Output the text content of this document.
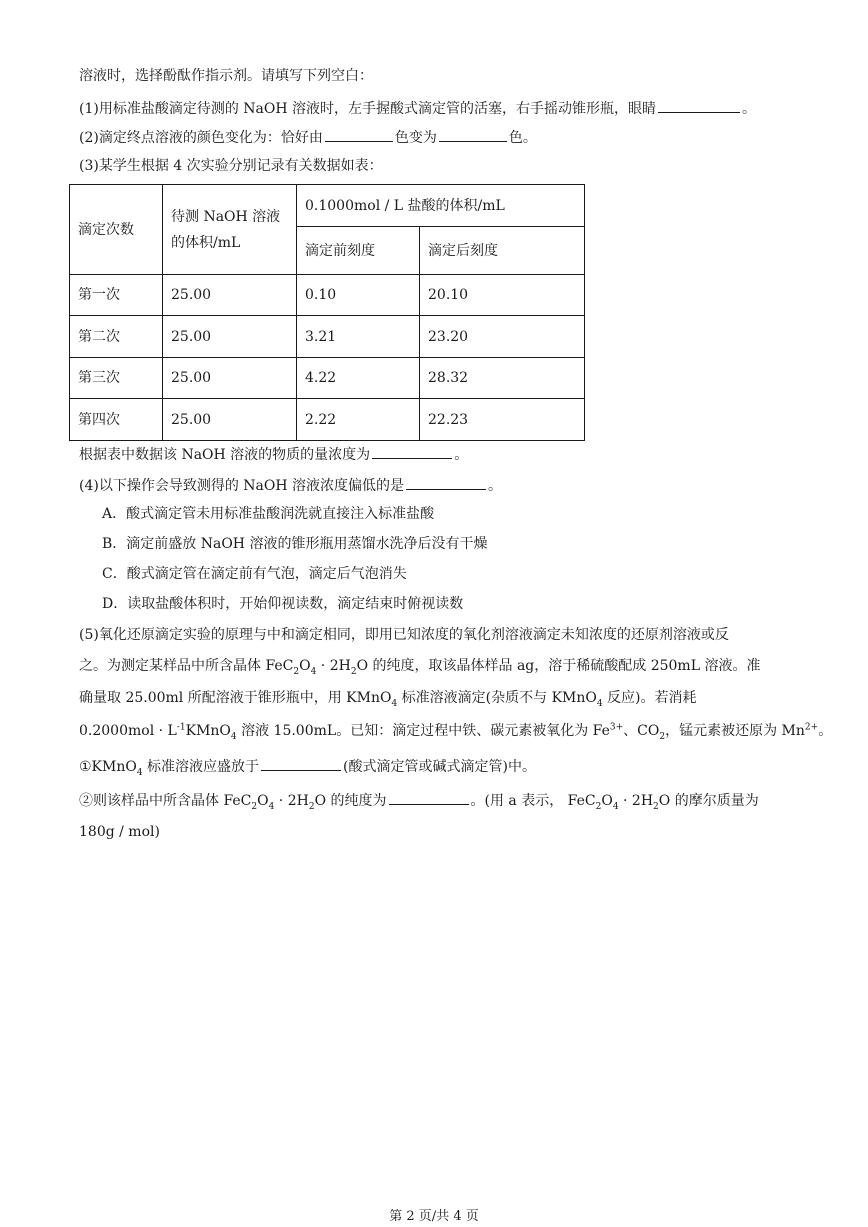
溶液时，选择酚酞作指示剂。请填写下列空白：
(1)用标准盐酸滴定待测的 NaOH 溶液时，左手握酸式滴定管的活塞，右手摇动锥形瓶，眼睛	。
(2)滴定终点溶液的颜色变化为：恰好由	色变为	色。
(3)某学生根据 4 次实验分别记录有关数据如表：
滴定次数	待测 NaOH 溶液
的体积/mL	0.1000mol / L 盐酸的体积/mL	
		滴定前刻度	滴定后刻度
第一次	25.00	0.10	20.10
第二次	25.00	3.21	23.20
第三次	25.00	4.22	28.32
第四次	25.00	2.22	22.23
根据表中数据该 NaOH 溶液的物质的量浓度为	。
(4)以下操作会导致测得的 NaOH 溶液浓度偏低的是	。
A．酸式滴定管未用标准盐酸润洗就直接注入标准盐酸
B．滴定前盛放 NaOH 溶液的锥形瓶用蒸馏水洗净后没有干燥
C．酸式滴定管在滴定前有气泡，滴定后气泡消失
D．读取盐酸体积时，开始仰视读数，滴定结束时俯视读数
(5)氧化还原滴定实验的原理与中和滴定相同，即用已知浓度的氧化剂溶液滴定未知浓度的还原剂溶液或反
之。为测定某样品中所含晶体 $FeC_2O_4 \cdot 2H_2O$ 的纯度，取该晶体样品 ag，溶于稀硫酸配成 250mL 溶液。准
确量取 25.00ml 所配溶液于锥形瓶中，用 KMnO$_4$ 标准溶液滴定(杂质不与 KMnO$_4$ 反应)。若消耗
$0.2000mol \cdot L^{-1}KMnO_4$ 溶液 15.00mL。已知：滴定过程中铁、碳元素被氧化为 $Fe^{3+}$、$CO_2$，锰元素被还原为 $Mn^{2+}$。
①KMnO$_4$ 标准溶液应盛放于	(酸式滴定管或碱式滴定管)中。
②则该样品中所含晶体 $FeC_2O_4 \cdot 2H_2O$ 的纯度为	。(用 a 表示， $FeC_2O_4 \cdot 2H_2O$ 的摩尔质量为
180g / mol)
第 2 页/共 4 页
